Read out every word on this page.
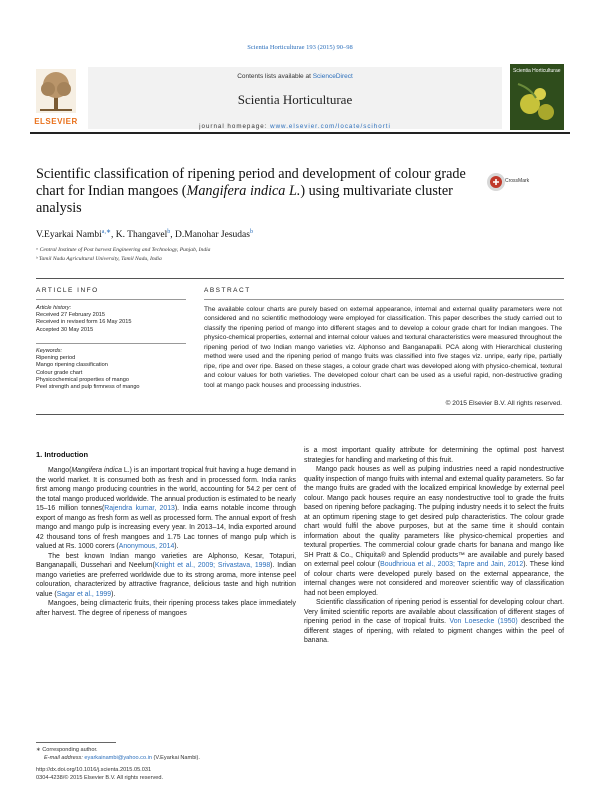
Scientia Horticulturae 193 (2015) 90–98
ELSEVIER
Contents lists available at ScienceDirect
Scientia Horticulturae
journal homepage: www.elsevier.com/locate/scihorti
Scientia Horticulturae
Scientific classification of ripening period and development of colour grade chart for Indian mangoes (Mangifera indica L.) using multivariate cluster analysis
CrossMark
V.Eyarkai Nambi$^{a,∗}$, K. Thangavel$^b$, D.Manohar Jesudas$^b$
ᵃ Central Institute of Post harvest Engineering and Technology, Punjab, India
ᵇ Tamil Nadu Agricultural University, Tamil Nadu, India
ARTICLE INFO
Article history:
Received 27 February 2015
Received in revised form 16 May 2015
Accepted 30 May 2015
Keywords:
Ripening period
Mango ripening classification
Colour grade chart
Physicochemical properties of mango
Peel strength and pulp firmness of mango
ABSTRACT
The available colour charts are purely based on external appearance, internal and external quality parameters were not considered and no scientific methodology were employed for classification. This paper describes the study carried out to classify the ripening period of mango into different stages and to develop a colour grade chart for Indian mangoes. The physico-chemical properties, external and internal colour values and textural characteristics were measured throughout the ripening period of two Indian mango varieties viz. Alphonso and Banganapalli. PCA along with Hierarchical clustering method were used and the ripening period of mango fruits was classified into five stages viz. unripe, early ripe, partially ripe, ripe and over ripe. Based on these stages, a colour grade chart was developed along with physico-chemical, textural and colour values for both varieties. The developed colour chart can be used as a useful rapid, non-destructive grading tool at mango pack houses and processing industries.
© 2015 Elsevier B.V. All rights reserved.
1. Introduction

Mango(Mangifera indica L.) is an important tropical fruit having a huge demand in the world market. It is consumed both as fresh and in processed form. India ranks first among mango producing countries in the world, accounting for 54.2 per cent of the total mango produced worldwide. The annual production is estimated to be nearly 15–16 million tonnes(Rajendra kumar, 2013). India earns notable income through export of mango as fresh form as well as processed form. The annual export of fresh mango and mango pulp is increasing every year. In 2013–14, India exported around 42 thousand tons of fresh mangoes and 1.75 Lac tonnes of mango pulp which is valued at Rs. 1000 corers (Anonymous, 2014).

The best known Indian mango varieties are Alphonso, Kesar, Totapuri, Banganapalli, Dussehari and Neelum(Knight et al., 2009; Srivastava, 1998). Indian mango varieties are preferred worldwide due to its strong aroma, more intense peel colouration, characterized by attractive fragrance, delicious taste and high nutrition value (Sagar et al., 1999).

Mangoes, being climacteric fruits, their ripening process takes place immediately after harvest. The degree of ripeness of mangoes

is a most important quality attribute for determining the optimal post harvest strategies for handling and marketing of this fruit.

Mango pack houses as well as pulping industries need a rapid nondestructive quality inspection of mango fruits with internal and external quality parameters. So far the mango fruits are graded with the localized empirical knowledge by external peel colour. Mango pack houses require an easy nondestructive tool to grade the fruits based on ripening before packaging. The pulping industry needs it to select the fruits at an optimum ripening stage to get desired pulp characteristics. The colour grade chart would fulfil the above purposes, but at the same time it should contain information about the quality parameters like physico-chemical properties and textural properties. The commercial colour grade charts for banana and mango like SH Pratt & Co., Chiquita® and Splendid products™ are available and purely based on external peel colour (Boudhrioua et al., 2003; Tapre and Jain, 2012). These kind of colour charts were developed purely based on the external appearance, the internal changes were not considered and moreover scientific way of classification had not been employed.

Scientific classification of ripening period is essential for developing colour chart. Very limited scientific reports are available about classification of different stages of ripening period in the case of tropical fruits. Von Loesecke (1950) described the different stages of ripening, with related to pigment changes within the peel of banana.

∗ Corresponding author.
E-mail address: eyarkainambi@yahoo.co.in (V.Eyarkai Nambi).
http://dx.doi.org/10.1016/j.scienta.2015.05.031
0304-4238/© 2015 Elsevier B.V. All rights reserved.
